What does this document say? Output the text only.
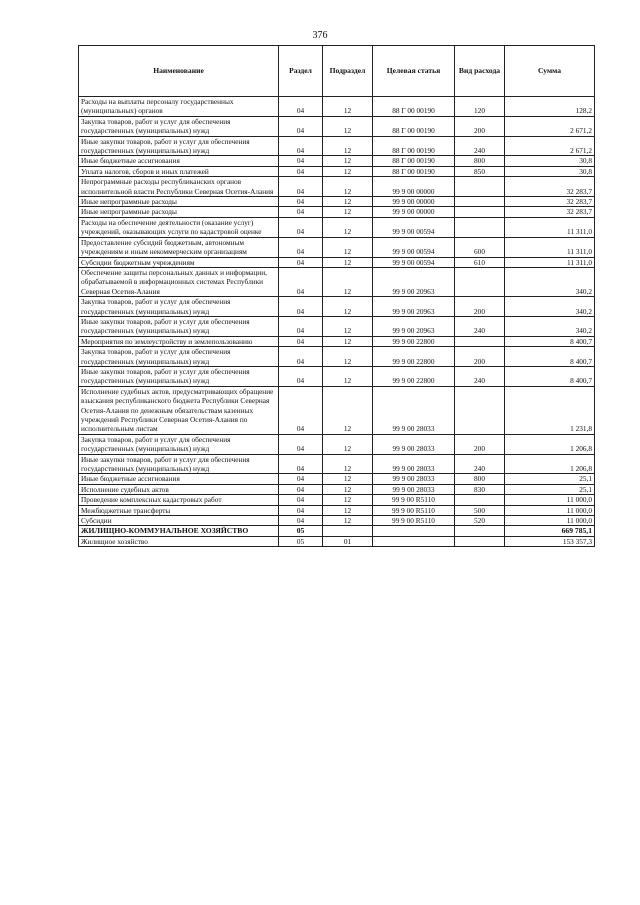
376
Наименование	Раздел	Подраздел	Целевая статья	Вид расхода	Сумма
Расходы на выплаты персоналу государственных (муниципальных) органов	04	12	88 Г 00 00190	120	128,2
Закупка товаров, работ и услуг для обеспечения государственных (муниципальных) нужд	04	12	88 Г 00 00190	200	2 671,2
Иные закупки товаров, работ и услуг для обеспечения государственных (муниципальных) нужд	04	12	88 Г 00 00190	240	2 671,2
Иные бюджетные ассигнования	04	12	88 Г 00 00190	800	30,8
Уплата налогов, сборов и иных платежей	04	12	88 Г 00 00190	850	30,8
Непрограммные расходы республиканских органов исполнительной власти Республики Северная Осетия-Алания	04	12	99 9 00 00000		32 283,7
Иные непрограммные расходы	04	12	99 9 00 00000		32 283,7
Иные непрограммные расходы	04	12	99 9 00 00000		32 283,7
Расходы на обеспечение деятельности (оказание услуг) учреждений, оказывающих услуги по кадастровой оценке	04	12	99 9 00 00594		11 311,0
Предоставление субсидий бюджетным, автономным учреждениям и иным некоммерческим организациям	04	12	99 9 00 00594	600	11 311,0
Субсидии бюджетным учреждениям	04	12	99 9 00 00594	610	11 311,0
Обеспечение защиты персональных данных и информации, обрабатываемой в информационных системах Республики Северная Осетия-Алания	04	12	99 9 00 20963		340,2
Закупка товаров, работ и услуг для обеспечения государственных (муниципальных) нужд	04	12	99 9 00 20963	200	340,2
Иные закупки товаров, работ и услуг для обеспечения государственных (муниципальных) нужд	04	12	99 9 00 20963	240	340,2
Мероприятия по землеустройству и землепользованию	04	12	99 9 00 22800		8 400,7
Закупка товаров, работ и услуг для обеспечения государственных (муниципальных) нужд	04	12	99 9 00 22800	200	8 400,7
Иные закупки товаров, работ и услуг для обеспечения государственных (муниципальных) нужд	04	12	99 9 00 22800	240	8 400,7
Исполнение судебных актов, предусматривающих обращение взыскания республиканского бюджета Республики Северная Осетия-Алания по денежным обязательствам казенных учреждений Республики Северная Осетия-Алания по исполнительным листам	04	12	99 9 00 28033		1 231,8
Закупка товаров, работ и услуг для обеспечения государственных (муниципальных) нужд	04	12	99 9 00 28033	200	1 206,8
Иные закупки товаров, работ и услуг для обеспечения государственных (муниципальных) нужд	04	12	99 9 00 28033	240	1 206,8
Иные бюджетные ассигнования	04	12	99 9 00 28033	800	25,1
Исполнение судебных актов	04	12	99 9 00 28033	830	25,1
Проведение комплексных кадастровых работ	04	12	99 9 00 R5110		11 000,0
Межбюджетные трансферты	04	12	99 9 00 R5110	500	11 000,0
Субсидии	04	12	99 9 00 R5110	520	11 000,0
ЖИЛИЩНО-КОММУНАЛЬНОЕ ХОЗЯЙСТВО	05				669 785,1
Жилищное хозяйство	05	01			153 357,3
